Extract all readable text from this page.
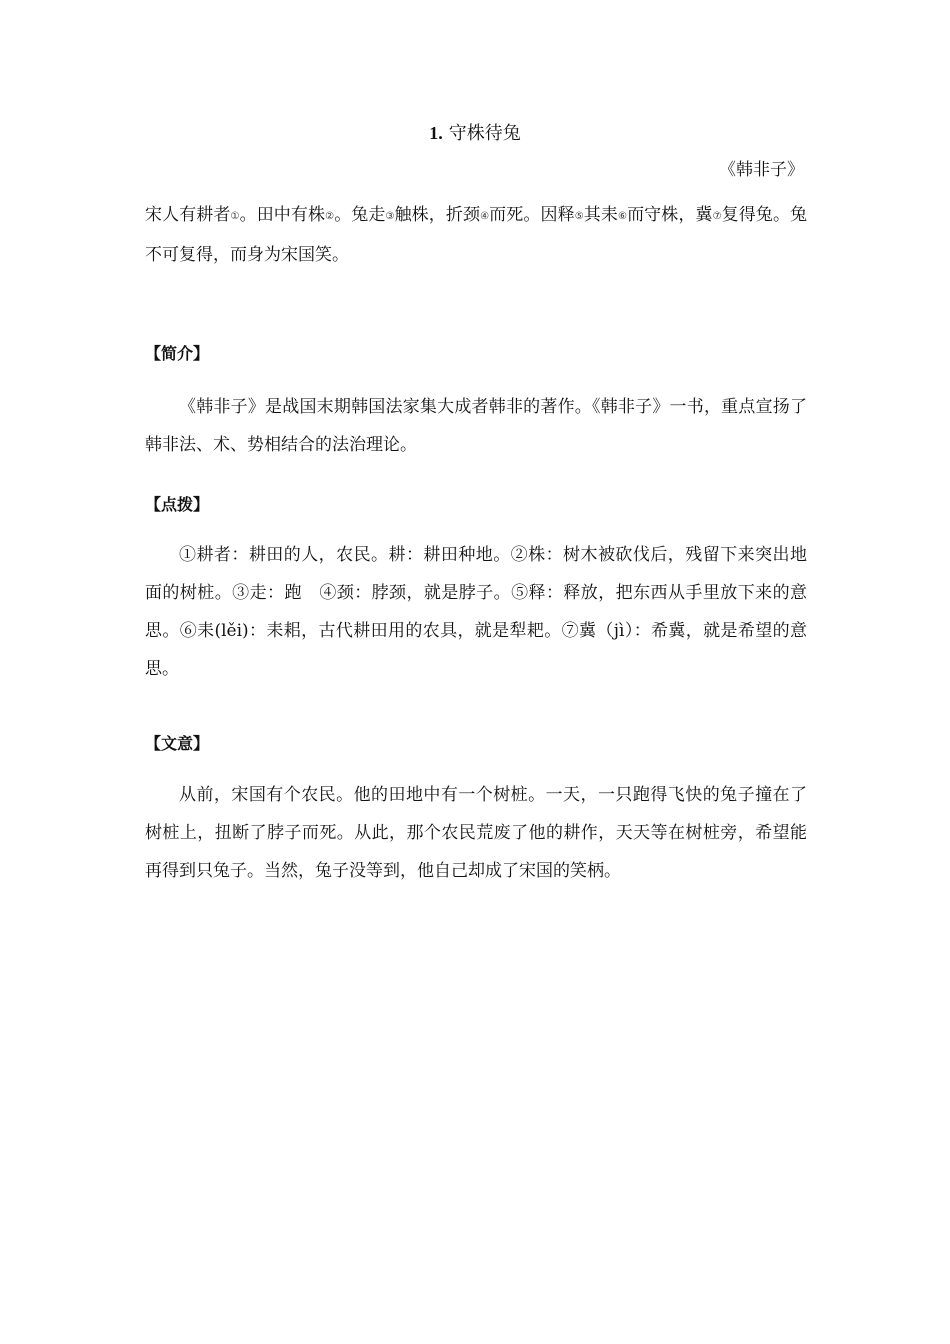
1. 守株待兔
《韩非子》
宋人有耕者①。田中有株②。兔走③触株，折颈④而死。因释⑤其耒⑥而守株，冀⑦复得兔。兔不可复得，而身为宋国笑。
【简介】
《韩非子》是战国末期韩国法家集大成者韩非的著作。《韩非子》一书，重点宣扬了韩非法、术、势相结合的法治理论。
【点拨】
①耕者：耕田的人，农民。耕：耕田种地。②株：树木被砍伐后，残留下来突出地面的树桩。③走：跑　④颈：脖颈，就是脖子。⑤释：释放，把东西从手里放下来的意思。⑥耒(lěi)：耒耜，古代耕田用的农具，就是犁耙。⑦冀（jì）：希冀，就是希望的意思。
【文意】
从前，宋国有个农民。他的田地中有一个树桩。一天，一只跑得飞快的兔子撞在了树桩上，扭断了脖子而死。从此，那个农民荒废了他的耕作，天天等在树桩旁，希望能再得到只兔子。当然，兔子没等到，他自己却成了宋国的笑柄。
